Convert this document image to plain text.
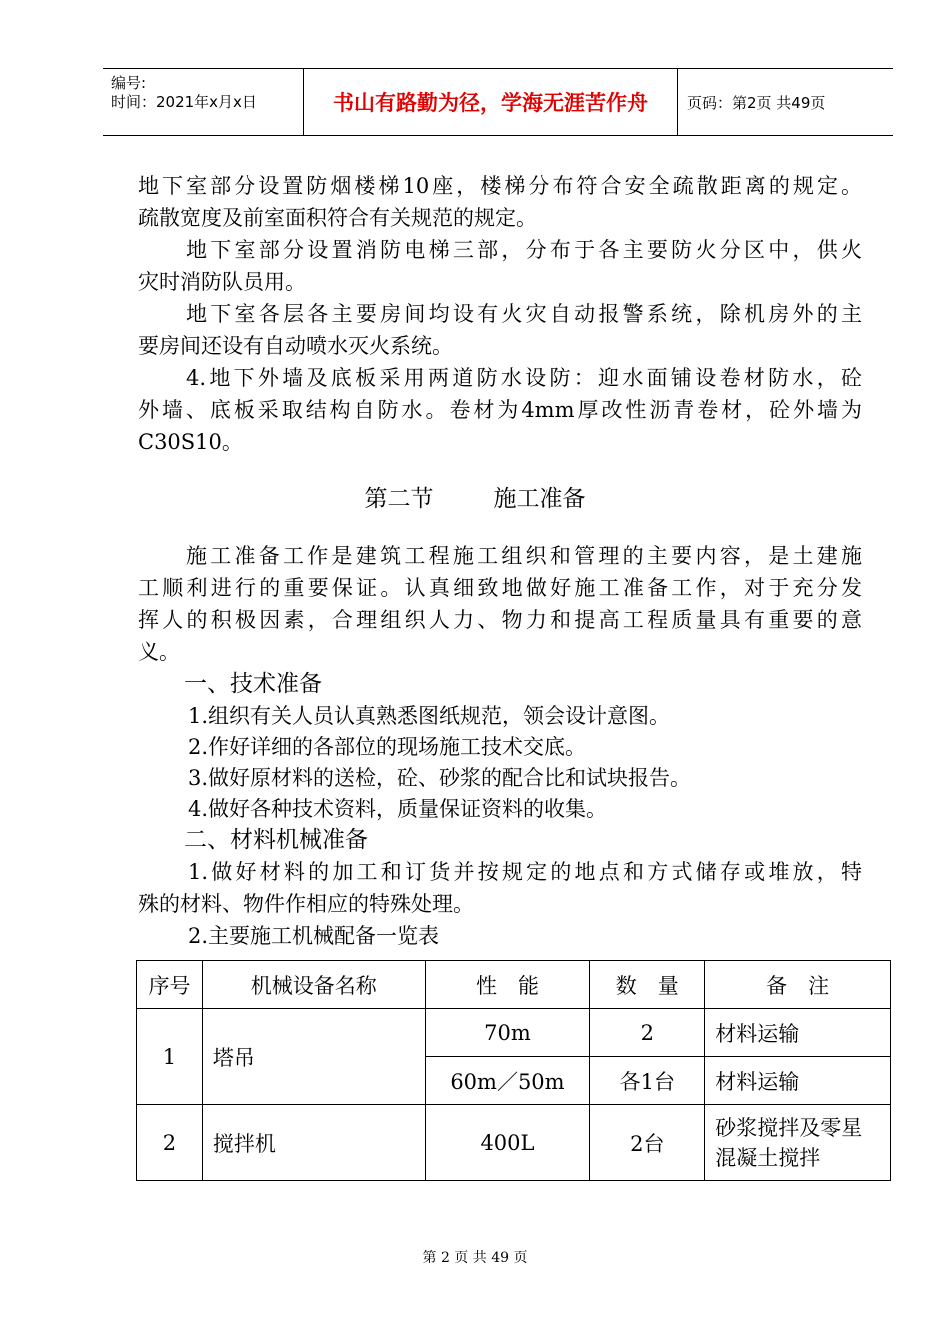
编号:
时间：2021年x月x日	书山有路勤为径，学海无涯苦作舟	页码：第2页 共49页
地下室部分设置防烟楼梯10座，楼梯分布符合安全疏散距离的规定。
疏散宽度及前室面积符合有关规范的规定。
地下室部分设置消防电梯三部，分布于各主要防火分区中，供火
灾时消防队员用。
地下室各层各主要房间均设有火灾自动报警系统，除机房外的主
要房间还设有自动喷水灭火系统。
4.地下外墙及底板采用两道防水设防：迎水面铺设卷材防水，砼
外墙、底板采取结构自防水。卷材为4mm厚改性沥青卷材，砼外墙为
C30S10。
第二节	施工准备
施工准备工作是建筑工程施工组织和管理的主要内容，是土建施
工顺利进行的重要保证。认真细致地做好施工准备工作，对于充分发
挥人的积极因素，合理组织人力、物力和提高工程质量具有重要的意
义。
一、技术准备
1.组织有关人员认真熟悉图纸规范，领会设计意图。
2.作好详细的各部位的现场施工技术交底。
3.做好原材料的送检，砼、砂浆的配合比和试块报告。
4.做好各种技术资料，质量保证资料的收集。
二、材料机械准备
1.做好材料的加工和订货并按规定的地点和方式储存或堆放，特
殊的材料、物件作相应的特殊处理。
2.主要施工机械配备一览表
序号	机械设备名称	性　能	数　量	备　注
1	塔吊	70m	2	材料运输
		60m／50m	各1台	材料运输
2	搅拌机	400L	2台	砂浆搅拌及零星
混凝土搅拌
第 2 页 共 49 页
